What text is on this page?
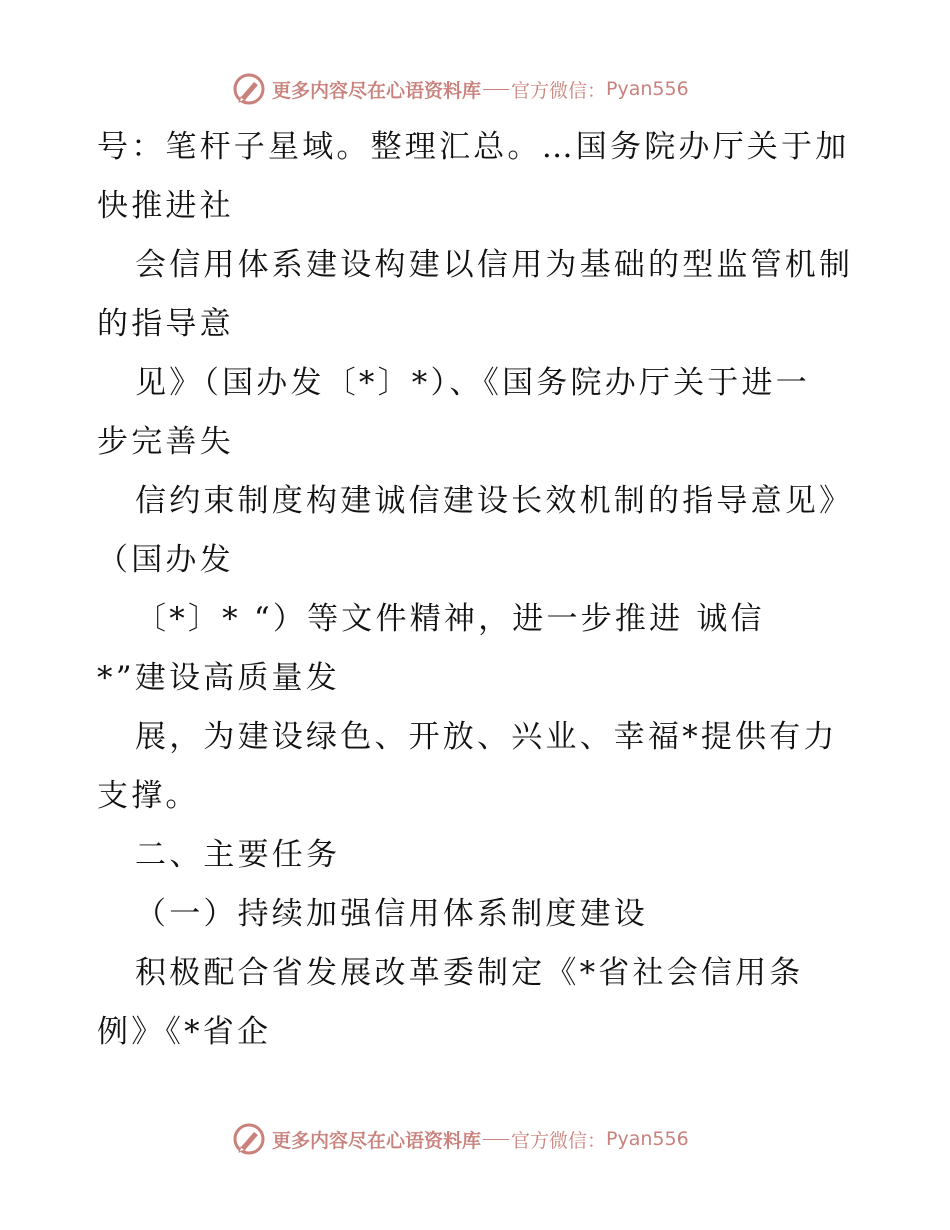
更多内容尽在心语资料库 官方微信： Pyan556
号：笔杆子星域。整理汇总。…国务院办厅关于加
快推进社
会信用体系建设构建以信用为基础的型监管机制
的指导意
见》（国办发〔*〕*）、《国务院办厅关于进一
步完善失
信约束制度构建诚信建设长效机制的指导意见》
（国办发
〔*〕* “）等文件精神，进一步推进 诚信
*”建设高质量发
展，为建设绿色、开放、兴业、幸福*提供有力
支撑。
二、主要任务
（一）持续加强信用体系制度建设
积极配合省发展改革委制定《*省社会信用条
例》《*省企
更多内容尽在心语资料库 官方微信： Pyan556
